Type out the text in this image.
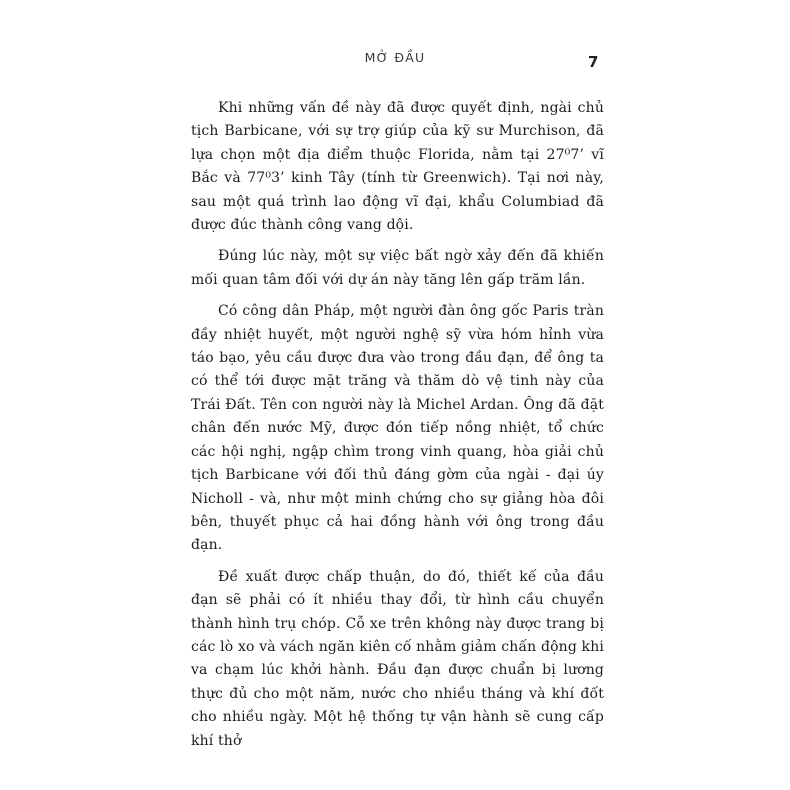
MỞ ĐẦU	7

Khi những vấn đề này đã được quyết định, ngài chủ tịch Barbicane, với sự trợ giúp của kỹ sư Murchison, đã lựa chọn một địa điểm thuộc Florida, nằm tại 27⁰7’ vĩ Bắc và 77⁰3’ kinh Tây (tính từ Greenwich). Tại nơi này, sau một quá trình lao động vĩ đại, khẩu Columbiad đã được đúc thành công vang dội.

Đúng lúc này, một sự việc bất ngờ xảy đến đã khiến mối quan tâm đối với dự án này tăng lên gấp trăm lần.

Có công dân Pháp, một người đàn ông gốc Paris tràn đầy nhiệt huyết, một người nghệ sỹ vừa hóm hỉnh vừa táo bạo, yêu cầu được đưa vào trong đầu đạn, để ông ta có thể tới được mặt trăng và thăm dò vệ tinh này của Trái Đất. Tên con người này là Michel Ardan. Ông đã đặt chân đến nước Mỹ, được đón tiếp nồng nhiệt, tổ chức các hội nghị, ngập chìm trong vinh quang, hòa giải chủ tịch Barbicane với đối thủ đáng gờm của ngài - đại úy Nicholl - và, như một minh chứng cho sự giảng hòa đôi bên, thuyết phục cả hai đồng hành với ông trong đầu đạn.

Đề xuất được chấp thuận, do đó, thiết kế của đầu đạn sẽ phải có ít nhiều thay đổi, từ hình cầu chuyển thành hình trụ chóp. Cỗ xe trên không này được trang bị các lò xo và vách ngăn kiên cố nhằm giảm chấn động khi va chạm lúc khởi hành. Đầu đạn được chuẩn bị lương thực đủ cho một năm, nước cho nhiều tháng và khí đốt cho nhiều ngày. Một hệ thống tự vận hành sẽ cung cấp khí thở
